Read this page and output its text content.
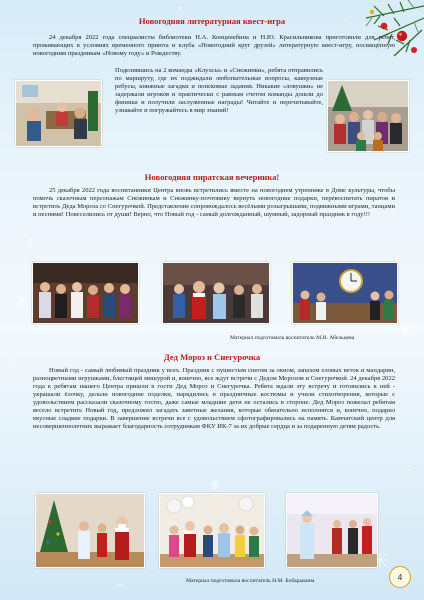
Новогодняя литературная квест-игра

24 декабря 2022 года специалисты библиотеки Н.А. Конценебина и Н.Ю. Красильникова приготовили для ребят, проживающих в условиях временного приюта и клуба «Новогодний круг друзей» литературную квест-игру, посвящённую новогодним праздникам «Новому году» и Рождеству.

Поделившись на 2 команды «Клухсы» и «Снежинки», ребята отправились по маршруту, где их поджидали любопытельные вопросы, каверзные ребусы, книжные загадки и поисковые задания. Никакие «ловушки» не задержали игроков и практически с равным счетом команды дошли до финиша и получили заслуженные награды! Читайте и перечитывайте, узнавайте и погружайтесь в мир знаний!

Новогодняя пиратская вечеринка!

25 декабря 2022 года воспитанники Центра вновь встретились вместе на новогоднем утреннике в Доме культуры, чтобы помочь сказочным персонажам Снежинкам и Снежинку-почтовику вернуть новогодние подарки, перевоспитать пиратов и встретить Деда Мороза со Снегурочкой. Представление сопровождалось весёлыми розыгрышами, подвижными играми, танцами и песнями! Повеселились от души! Верно, что Новый год - самый долгожданный, шумный, задорный праздник в году!!!

Материал подготовила воспитатель М.Н. Абельцева

Дед Мороз и Снегурочка

Новый год - самый любимый праздник у всех. Праздник с пушистым снегом за окном, запахом еловых веток и мандарин, разноцветными игрушками, блестящей мишурой и, конечно, все ждут встречи с Дедом Морозом и Снегурочкой. 24 декабря 2022 года к ребятам нашего Центра пришли в гости Дед Мороз и Снегурочка. Ребята ждали эту встречу и готовились к ней - украшали ёлочку, делали новогодние поделки, нарядились в праздничные костюмы и учили стихотворения, которые с удовольствием рассказали сказочному гостю, даже самые младшие дети не остались в стороне. Дед Мороз пожелал ребятам весело встретить Новый год, предложил загадать заветные желания, которые обязательно исполнятся и, конечно, подарил вкусные сладкие подарки. В завершение встречи все с удовольствием сфотографировались на память. Камчатский центр для несовершеннолетних выражает благодарность сотрудникам ФКУ ИК-7 за их добрые сердца и за подаренную детям радость.

Материал подготовила воспитатель Н.М. Бобарыкина	4
